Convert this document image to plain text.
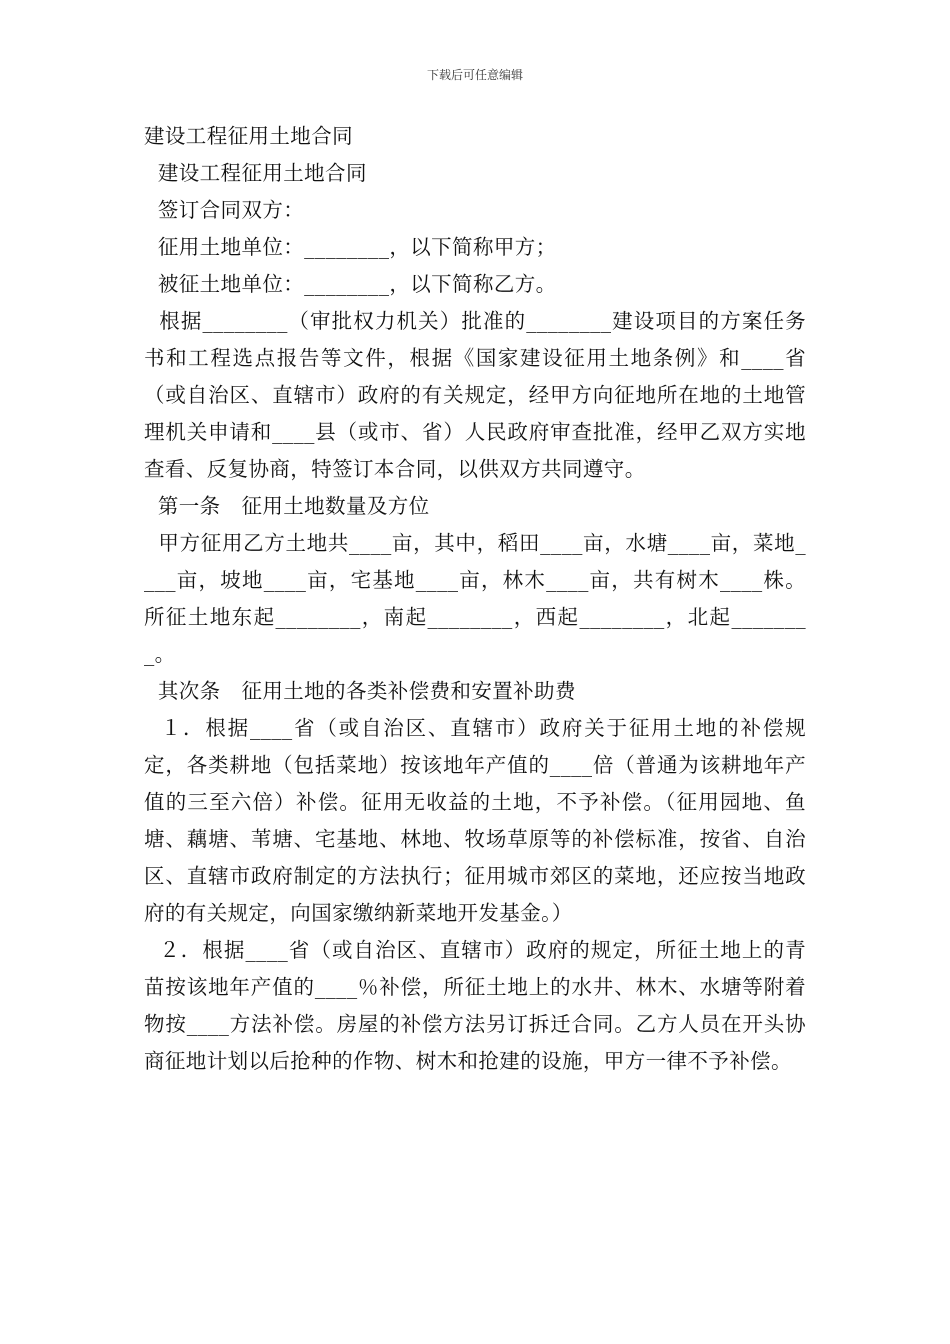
下载后可任意编辑

建设工程征用土地合同

建设工程征用土地合同

签订合同双方：

征用土地单位：________，以下简称甲方；

被征土地单位：________，以下简称乙方。

根据________（审批权力机关）批准的________建设项目的方案任务书和工程选点报告等文件，根据《国家建设征用土地条例》和____省（或自治区、直辖市）政府的有关规定，经甲方向征地所在地的土地管理机关申请和____县（或市、省）人民政府审查批准，经甲乙双方实地查看、反复协商，特签订本合同，以供双方共同遵守。

第一条　征用土地数量及方位

甲方征用乙方土地共____亩，其中，稻田____亩，水塘____亩，菜地____亩，坡地____亩，宅基地____亩，林木____亩，共有树木____株。所征土地东起________，南起________，西起________，北起________。

其次条　征用土地的各类补偿费和安置补助费

１．根据____省（或自治区、直辖市）政府关于征用土地的补偿规定，各类耕地（包括菜地）按该地年产值的____倍（普通为该耕地年产值的三至六倍）补偿。征用无收益的土地，不予补偿。（征用园地、鱼塘、藕塘、苇塘、宅基地、林地、牧场草原等的补偿标准，按省、自治区、直辖市政府制定的方法执行；征用城市郊区的菜地，还应按当地政府的有关规定，向国家缴纳新菜地开发基金。）

２．根据____省（或自治区、直辖市）政府的规定，所征土地上的青苗按该地年产值的____％补偿，所征土地上的水井、林木、水塘等附着物按____方法补偿。房屋的补偿方法另订拆迁合同。乙方人员在开头协商征地计划以后抢种的作物、树木和抢建的设施，甲方一律不予补偿。
